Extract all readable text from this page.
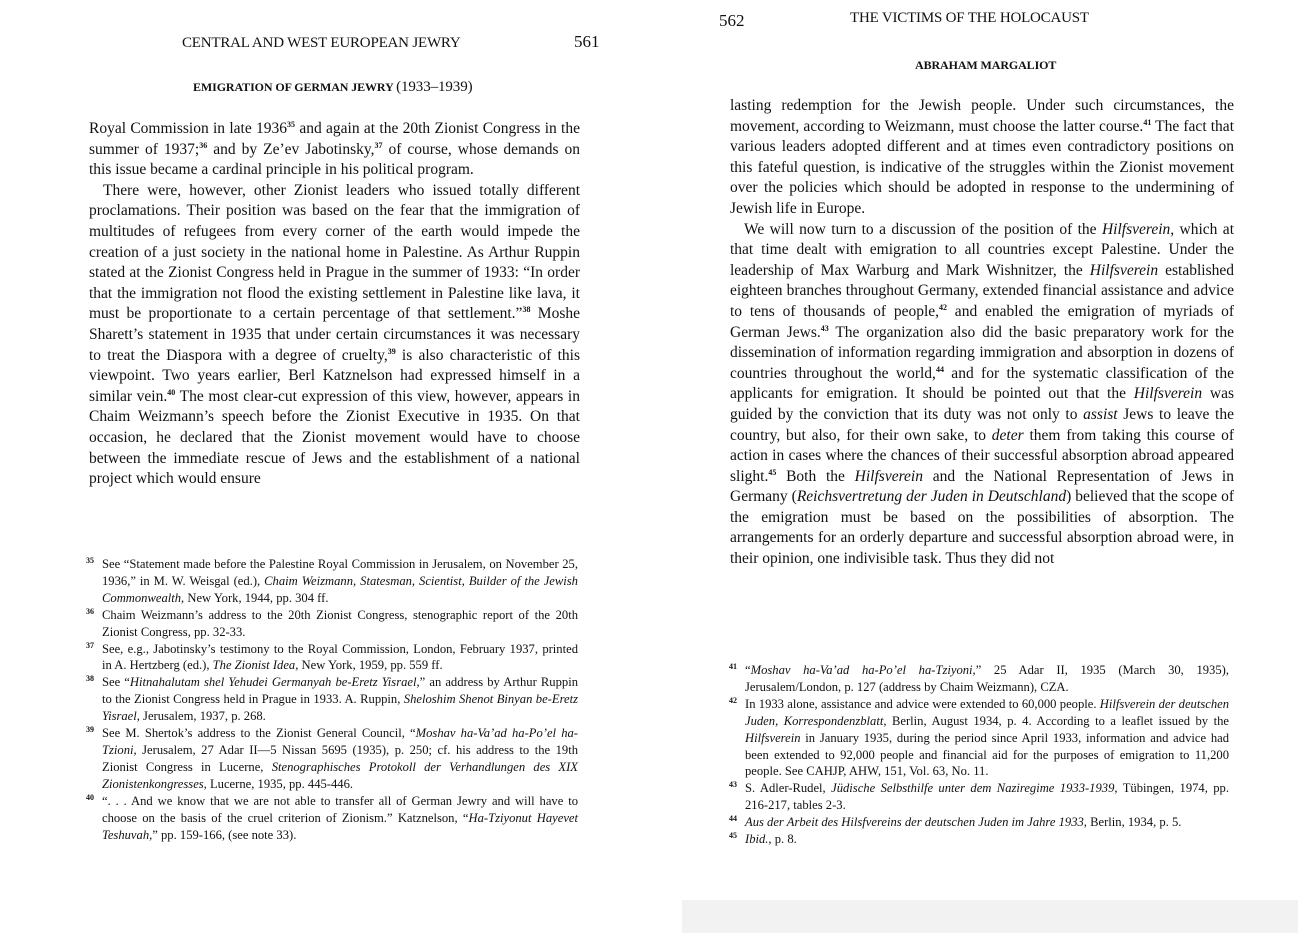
CENTRAL AND WEST EUROPEAN JEWRY	561
EMIGRATION OF GERMAN JEWRY (1933–1939)

Royal Commission in late 1936$^{35}$ and again at the 20th Zionist Congress in the summer of 1937;$^{36}$ and by Ze’ev Jabotinsky,$^{37}$ of course, whose demands on this issue became a cardinal principle in his political program.

There were, however, other Zionist leaders who issued totally different proclamations. Their position was based on the fear that the immigration of multitudes of refugees from every corner of the earth would impede the creation of a just society in the national home in Palestine. As Arthur Ruppin stated at the Zionist Congress held in Prague in the summer of 1933: “In order that the immigration not flood the existing settlement in Palestine like lava, it must be proportionate to a certain percentage of that settlement.”$^{38}$ Moshe Sharett’s statement in 1935 that under certain circumstances it was necessary to treat the Diaspora with a degree of cruelty,$^{39}$ is also characteristic of this viewpoint. Two years earlier, Berl Katznelson had expressed himself in a similar vein.$^{40}$ The most clear-cut expression of this view, however, appears in Chaim Weizmann’s speech before the Zionist Executive in 1935. On that occasion, he declared that the Zionist movement would have to choose between the immediate rescue of Jews and the establishment of a national project which would ensure

35 See “Statement made before the Palestine Royal Commission in Jerusalem, on November 25, 1936,” in M. W. Weisgal (ed.), Chaim Weizmann, Statesman, Scientist, Builder of the Jewish Commonwealth, New York, 1944, pp. 304 ff.
36 Chaim Weizmann’s address to the 20th Zionist Congress, stenographic report of the 20th Zionist Congress, pp. 32-33.
37 See, e.g., Jabotinsky’s testimony to the Royal Commission, London, February 1937, printed in A. Hertzberg (ed.), The Zionist Idea, New York, 1959, pp. 559 ff.
38 See “Hitnahalutam shel Yehudei Germanyah be-Eretz Yisrael,” an address by Arthur Ruppin to the Zionist Congress held in Prague in 1933. A. Ruppin, Sheloshim Shenot Binyan be-Eretz Yisrael, Jerusalem, 1937, p. 268.
39 See M. Shertok’s address to the Zionist General Council, “Moshav ha-Va’ad ha-Po’el ha-Tzioni, Jerusalem, 27 Adar II—5 Nissan 5695 (1935), p. 250; cf. his address to the 19th Zionist Congress in Lucerne, Stenographisches Protokoll der Verhandlungen des XIX Zionistenkongresses, Lucerne, 1935, pp. 445-446.
40 “. . . And we know that we are not able to transfer all of German Jewry and will have to choose on the basis of the cruel criterion of Zionism.” Katznelson, “Ha-Tziyonut Hayevet Teshuvah,” pp. 159-166, (see note 33).
562	THE VICTIMS OF THE HOLOCAUST
ABRAHAM MARGALIOT

lasting redemption for the Jewish people. Under such circumstances, the movement, according to Weizmann, must choose the latter course.$^{41}$ The fact that various leaders adopted different and at times even contradictory positions on this fateful question, is indicative of the struggles within the Zionist movement over the policies which should be adopted in response to the undermining of Jewish life in Europe.

We will now turn to a discussion of the position of the Hilfsverein, which at that time dealt with emigration to all countries except Palestine. Under the leadership of Max Warburg and Mark Wishnitzer, the Hilfsverein established eighteen branches throughout Germany, extended financial assistance and advice to tens of thousands of people,$^{42}$ and enabled the emigration of myriads of German Jews.$^{43}$ The organization also did the basic preparatory work for the dissemination of information regarding immigration and absorption in dozens of countries throughout the world,$^{44}$ and for the systematic classification of the applicants for emigration. It should be pointed out that the Hilfsverein was guided by the conviction that its duty was not only to assist Jews to leave the country, but also, for their own sake, to deter them from taking this course of action in cases where the chances of their successful absorption abroad appeared slight.$^{45}$ Both the Hilfsverein and the National Representation of Jews in Germany (Reichsvertretung der Juden in Deutschland) believed that the scope of the emigration must be based on the possibilities of absorption. The arrangements for an orderly departure and successful absorption abroad were, in their opinion, one indivisible task. Thus they did not

41 “Moshav ha-Va’ad ha-Po’el ha-Tziyoni,” 25 Adar II, 1935 (March 30, 1935), Jerusalem/London, p. 127 (address by Chaim Weizmann), CZA.
42 In 1933 alone, assistance and advice were extended to 60,000 people. Hilfsverein der deutschen Juden, Korrespondenzblatt, Berlin, August 1934, p. 4. According to a leaflet issued by the Hilfsverein in January 1935, during the period since April 1933, information and advice had been extended to 92,000 people and financial aid for the purposes of emigration to 11,200 people. See CAHJP, AHW, 151, Vol. 63, No. 11.
43 S. Adler-Rudel, Jüdische Selbsthilfe unter dem Naziregime 1933-1939, Tübingen, 1974, pp. 216-217, tables 2-3.
44 Aus der Arbeit des Hilsfvereins der deutschen Juden im Jahre 1933, Berlin, 1934, p. 5.
45 Ibid., p. 8.
